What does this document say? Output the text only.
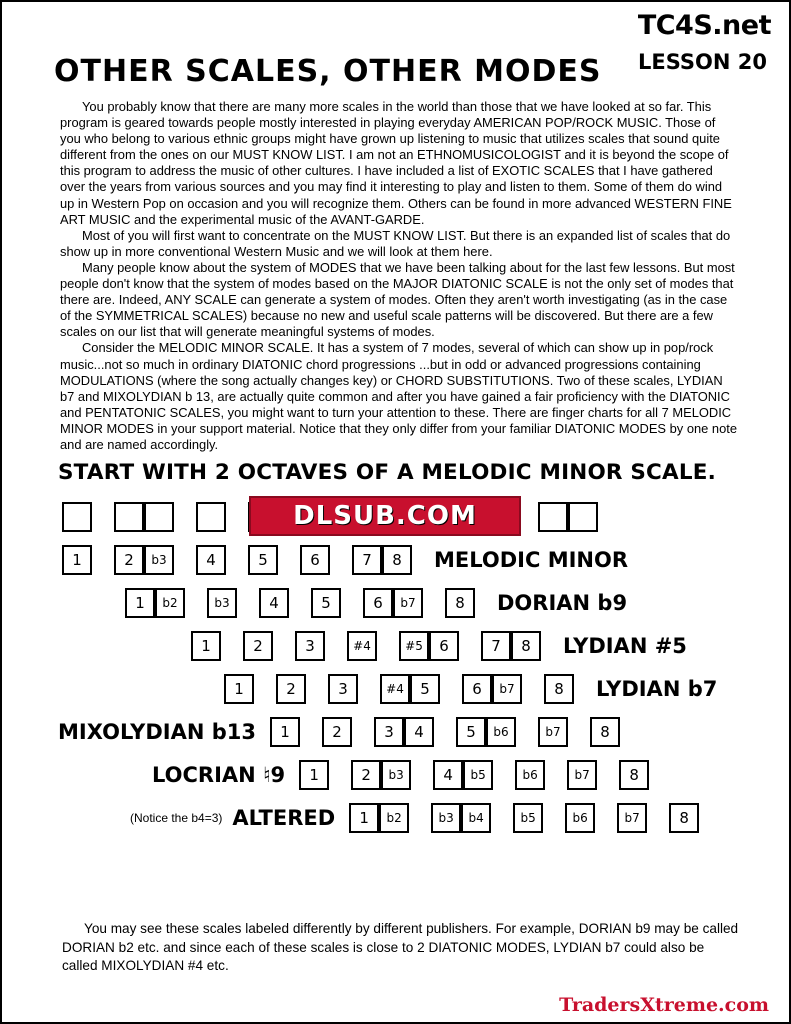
TC4S.net
LESSON 20
OTHER SCALES, OTHER MODES

You probably know that there are many more scales in the world than those that we have looked at so far. This program is geared towards people mostly interested in playing everyday AMERICAN POP/ROCK MUSIC. Those of you who belong to various ethnic groups might have grown up listening to music that utilizes scales that sound quite different from the ones on our MUST KNOW LIST. I am not an ETHNOMUSICOLOGIST and it is beyond the scope of this program to address the music of other cultures. I have included a list of EXOTIC SCALES that I have gathered over the years from various sources and you may find it interesting to play and listen to them. Some of them do wind up in Western Pop on occasion and you will recognize them. Others can be found in more advanced WESTERN FINE ART MUSIC and the experimental music of the AVANT-GARDE.

Most of you will first want to concentrate on the MUST KNOW LIST. But there is an expanded list of scales that do show up in more conventional Western Music and we will look at them here.

Many people know about the system of MODES that we have been talking about for the last few lessons. But most people don't know that the system of modes based on the MAJOR DIATONIC SCALE is not the only set of modes that there are. Indeed, ANY SCALE can generate a system of modes. Often they aren't worth investigating (as in the case of the SYMMETRICAL SCALES) because no new and useful scale patterns will be discovered. But there are a few scales on our list that will generate meaningful systems of modes.

Consider the MELODIC MINOR SCALE. It has a system of 7 modes, several of which can show up in pop/rock music...not so much in ordinary DIATONIC chord progressions ...but in odd or advanced progressions containing MODULATIONS (where the song actually changes key) or CHORD SUBSTITUTIONS. Two of these scales, LYDIAN b7 and MIXOLYDIAN b 13, are actually quite common and after you have gained a fair proficiency with the DIATONIC and PENTATONIC SCALES, you might want to turn your attention to these. There are finger charts for all 7 MELODIC MINOR MODES in your support material. Notice that they only differ from your familiar DIATONIC MODES by one note and are named accordingly.

START WITH 2 OCTAVES OF A MELODIC MINOR SCALE.
1	2	b3	4	5	6	7	8	MELODIC MINOR
1	b2	b3	4	5	6	b7	8	DORIAN b9
1	2	3	#4	#5	6	7	8	LYDIAN #5
1	2	3	#4	5	6	b7	8	LYDIAN b7
MIXOLYDIAN b13	1	2	3	4	5	b6	b7	8
LOCRIAN ♮9	1	2	b3	4	b5	b6	b7	8
(Notice the b4=3) ALTERED	1	b2	b3	b4	b5	b6	b7	8
DLSUB.COM

You may see these scales labeled differently by different publishers. For example, DORIAN b9 may be called DORIAN b2 etc. and since each of these scales is close to 2 DIATONIC MODES, LYDIAN b7 could also be called MIXOLYDIAN #4 etc.

TradersXtreme.com
